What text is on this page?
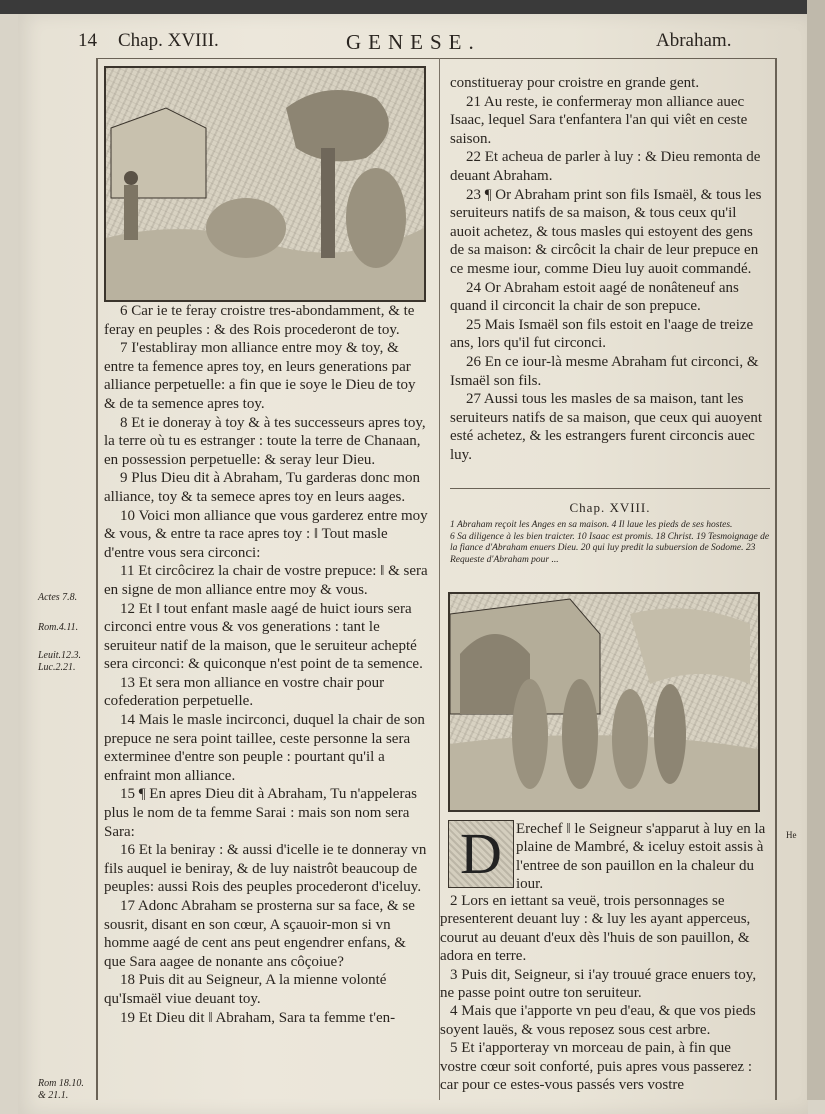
14 Chap. XVIII.	GENESE.	Abraham.

6 Car ie te feray croistre tres-abondamment, & te feray en peuples : & des Rois procederont de toy.

7 I'establiray mon alliance entre moy & toy, & entre ta femence apres toy, en leurs generations par alliance perpetuelle: a fin que ie soye le Dieu de toy & de ta semence apres toy.

8 Et ie doneray à toy & à tes successeurs apres toy, la terre où tu es estranger : toute la terre de Chanaan, en possession perpetuelle: & seray leur Dieu.

9 Plus Dieu dit à Abraham, Tu garderas donc mon alliance, toy & ta semece apres toy en leurs aages.

10 Voici mon alliance que vous garderez entre moy & vous, & entre ta race apres toy : ‖ Tout masle d'entre vous sera circonci:

11 Et circôcirez la chair de vostre prepuce: ‖ & sera en signe de mon alliance entre moy & vous.

12 Et ‖ tout enfant masle aagé de huict iours sera circonci entre vous & vos generations : tant le seruiteur natif de la maison, que le seruiteur achepté sera circonci: & quiconque n'est point de ta semence.

13 Et sera mon alliance en vostre chair pour cofederation perpetuelle.

14 Mais le masle incirconci, duquel la chair de son prepuce ne sera point taillee, ceste personne la sera exterminee d'entre son peuple : pourtant qu'il a enfraint mon alliance.

15 ¶ En apres Dieu dit à Abraham, Tu n'appeleras plus le nom de ta femme Sarai : mais son nom sera Sara:

16 Et la beniray : & aussi d'icelle ie te donneray vn fils auquel ie beniray, & de luy naistrôt beaucoup de peuples: aussi Rois des peuples procederont d'iceluy.

17 Adonc Abraham se prosterna sur sa face, & se sousrit, disant en son cœur, A sçauoir-mon si vn homme aagé de cent ans peut engendrer enfans, & que Sara aagee de nonante ans côçoiue?

18 Puis dit au Seigneur, A la mienne volonté qu'Ismaël viue deuant toy.

19 Et Dieu dit ‖ Abraham, Sara ta femme t'en-

Actes 7.8.
Rom.4.11.
Leuit.12.3.
Luc.2.21.
Rom 18.10.
& 21.1.

constitueray pour croistre en grande gent.

21 Au reste, ie confermeray mon alliance auec Isaac, lequel Sara t'enfantera l'an qui viêt en ceste saison.

22 Et acheua de parler à luy : & Dieu remonta de deuant Abraham.

23 ¶ Or Abraham print son fils Ismaël, & tous les seruiteurs natifs de sa maison, & tous ceux qu'il auoit achetez, & tous masles qui estoyent des gens de sa maison: & circôcit la chair de leur prepuce en ce mesme iour, comme Dieu luy auoit commandé.

24 Or Abraham estoit aagé de nonâteneuf ans quand il circoncit la chair de son prepuce.

25 Mais Ismaël son fils estoit en l'aage de treize ans, lors qu'il fut circonci.

26 En ce iour-là mesme Abraham fut circonci, & Ismaël son fils.

27 Aussi tous les masles de sa maison, tant les seruiteurs natifs de sa maison, que ceux qui auoyent esté achetez, & les estrangers furent circoncis auec luy.

Chap. XVIII.
1 Abraham reçoit les Anges en sa maison. 4 Il laue les pieds de ses hostes.
6 Sa diligence à les bien traicter. 10 Isaac est promis. 18 Christ. 19 Tesmoignage de la fiance d'Abraham enuers Dieu. 20 qui luy predit la subuersion de Sodome. 23 Requeste d'Abraham pour ...
D Erechef ‖ le Seigneur s'apparut à luy en la plaine de Mambré, & iceluy estoit assis à l'entree de son pauillon en la chaleur du iour.

2 Lors en iettant sa veuë, trois personnages se presenterent deuant luy : & luy les ayant apperceus, courut au deuant d'eux dès l'huis de son pauillon, & adora en terre.

3 Puis dit, Seigneur, si i'ay trouué grace enuers toy, ne passe point outre ton seruiteur.

4 Mais que i'apporte vn peu d'eau, & que vos pieds soyent lauës, & vous reposez sous cest arbre.

5 Et i'apporteray vn morceau de pain, à fin que vostre cœur soit conforté, puis apres vous passerez : car pour ce estes-vous passés vers vostre

He
